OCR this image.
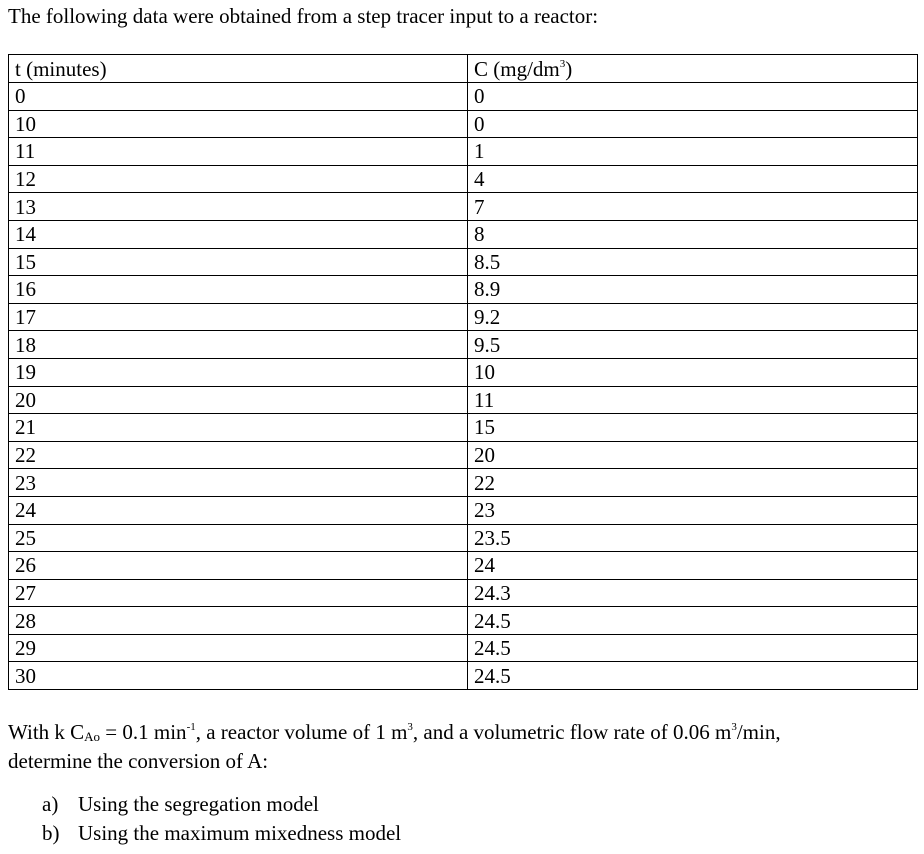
The following data were obtained from a step tracer input to a reactor:

t (minutes)	C $(mg/dm^3)$
0	0
10	0
11	1
12	4
13	7
14	8
15	8.5
16	8.9
17	9.2
18	9.5
19	10
20	11
21	15
22	20
23	22
24	23
25	23.5
26	24
27	24.3
28	24.5
29	24.5
30	24.5

With k $C_{Ao} = 0.1$ $\min^{-1}$, a reactor volume of 1 $m^3$, and a volumetric flow rate of 0.06 $m^3/\min$,
determine the conversion of A:

a) Using the segregation model
b) Using the maximum mixedness model
